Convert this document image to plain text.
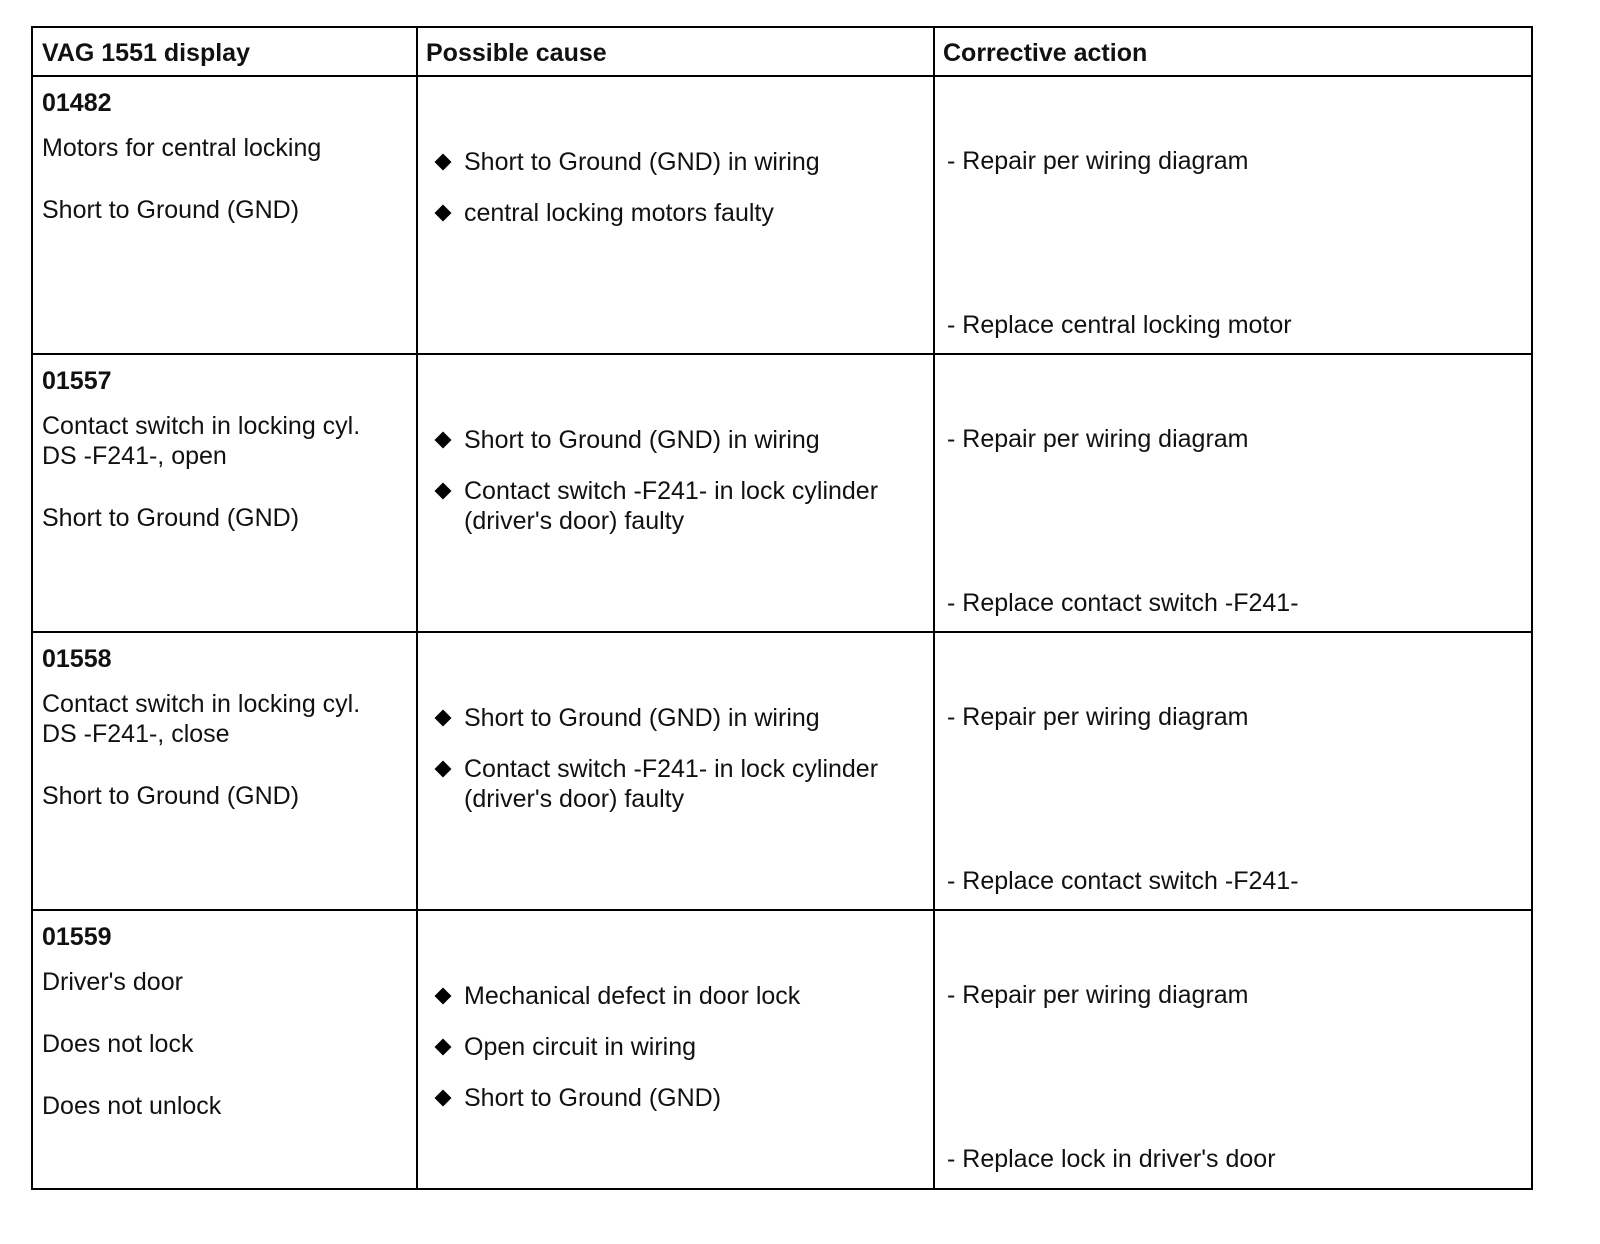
VAG 1551 display	Possible cause	Corrective action
01482
Motors for central locking
Short to Ground (GND)
Short to Ground (GND) in wiring
central locking motors faulty
- Repair per wiring diagram
- Replace central locking motor
01557
Contact switch in locking cyl.
DS -F241-, open
Short to Ground (GND)
Short to Ground (GND) in wiring
Contact switch -F241- in lock cylinder
(driver's door) faulty
- Repair per wiring diagram
- Replace contact switch -F241-
01558
Contact switch in locking cyl.
DS -F241-, close
Short to Ground (GND)
Short to Ground (GND) in wiring
Contact switch -F241- in lock cylinder
(driver's door) faulty
- Repair per wiring diagram
- Replace contact switch -F241-
01559
Driver's door
Does not lock
Does not unlock
Mechanical defect in door lock
Open circuit in wiring
Short to Ground (GND)
- Repair per wiring diagram
- Replace lock in driver's door
